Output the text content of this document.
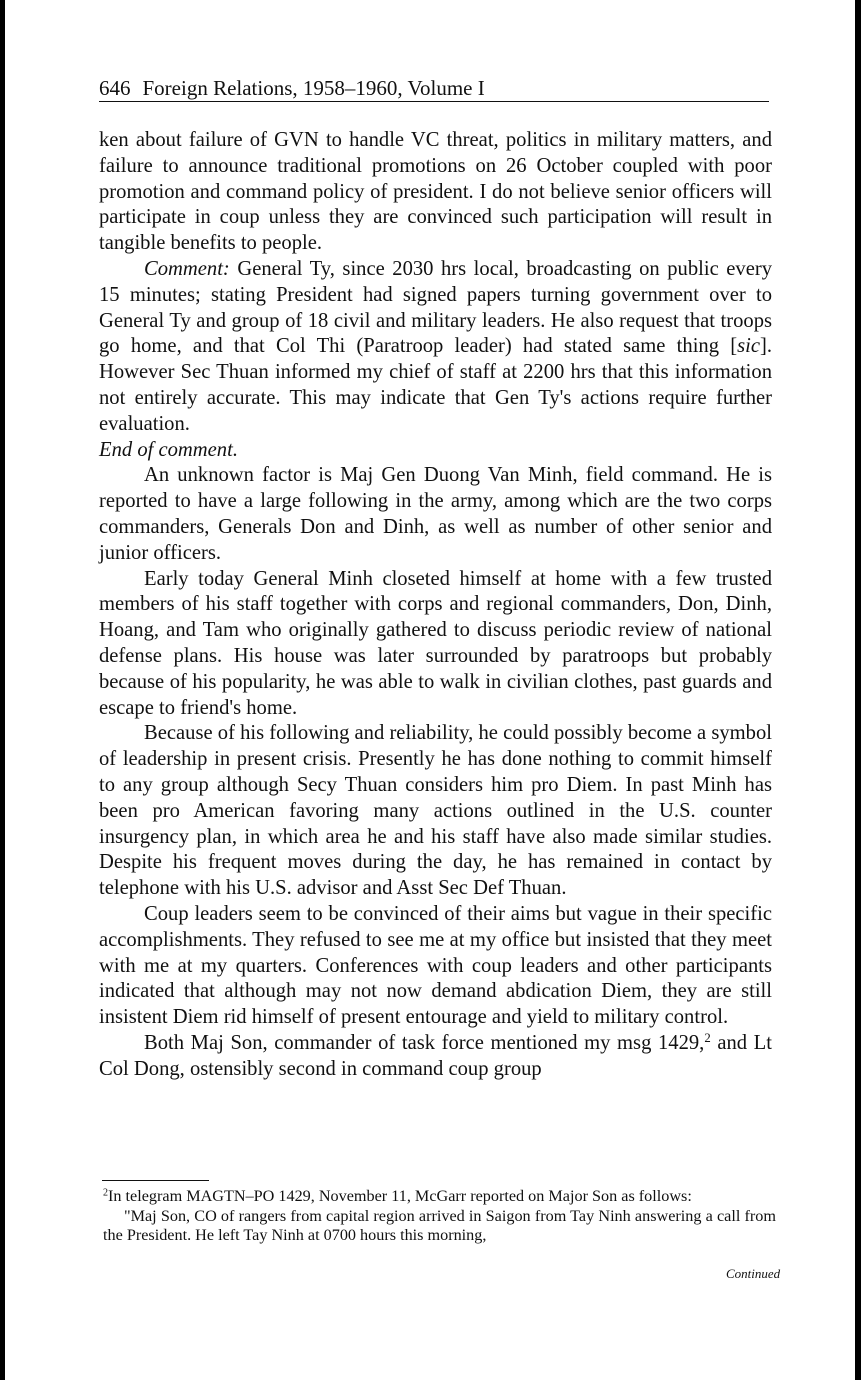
646 Foreign Relations, 1958–1960, Volume I

ken about failure of GVN to handle VC threat, politics in military matters, and failure to announce traditional promotions on 26 October coupled with poor promotion and command policy of president. I do not believe senior officers will participate in coup unless they are convinced such participation will result in tangible benefits to people.

Comment: General Ty, since 2030 hrs local, broadcasting on public every 15 minutes; stating President had signed papers turning government over to General Ty and group of 18 civil and military leaders. He also request that troops go home, and that Col Thi (Paratroop leader) had stated same thing [sic]. However Sec Thuan informed my chief of staff at 2200 hrs that this information not entirely accurate. This may indicate that Gen Ty's actions require further evaluation.

End of comment.

An unknown factor is Maj Gen Duong Van Minh, field command. He is reported to have a large following in the army, among which are the two corps commanders, Generals Don and Dinh, as well as number of other senior and junior officers.

Early today General Minh closeted himself at home with a few trusted members of his staff together with corps and regional commanders, Don, Dinh, Hoang, and Tam who originally gathered to discuss periodic review of national defense plans. His house was later surrounded by paratroops but probably because of his popularity, he was able to walk in civilian clothes, past guards and escape to friend's home.

Because of his following and reliability, he could possibly become a symbol of leadership in present crisis. Presently he has done nothing to commit himself to any group although Secy Thuan considers him pro Diem. In past Minh has been pro American favoring many actions outlined in the U.S. counter insurgency plan, in which area he and his staff have also made similar studies. Despite his frequent moves during the day, he has remained in contact by telephone with his U.S. advisor and Asst Sec Def Thuan.

Coup leaders seem to be convinced of their aims but vague in their specific accomplishments. They refused to see me at my office but insisted that they meet with me at my quarters. Conferences with coup leaders and other participants indicated that although may not now demand abdication Diem, they are still insistent Diem rid himself of present entourage and yield to military control.

Both Maj Son, commander of task force mentioned my msg 1429,$^2$ and Lt Col Dong, ostensibly second in command coup group

$^2$In telegram MAGTN–PO 1429, November 11, McGarr reported on Major Son as follows:

"Maj Son, CO of rangers from capital region arrived in Saigon from Tay Ninh answering a call from the President. He left Tay Ninh at 0700 hours this morning,

Continued
